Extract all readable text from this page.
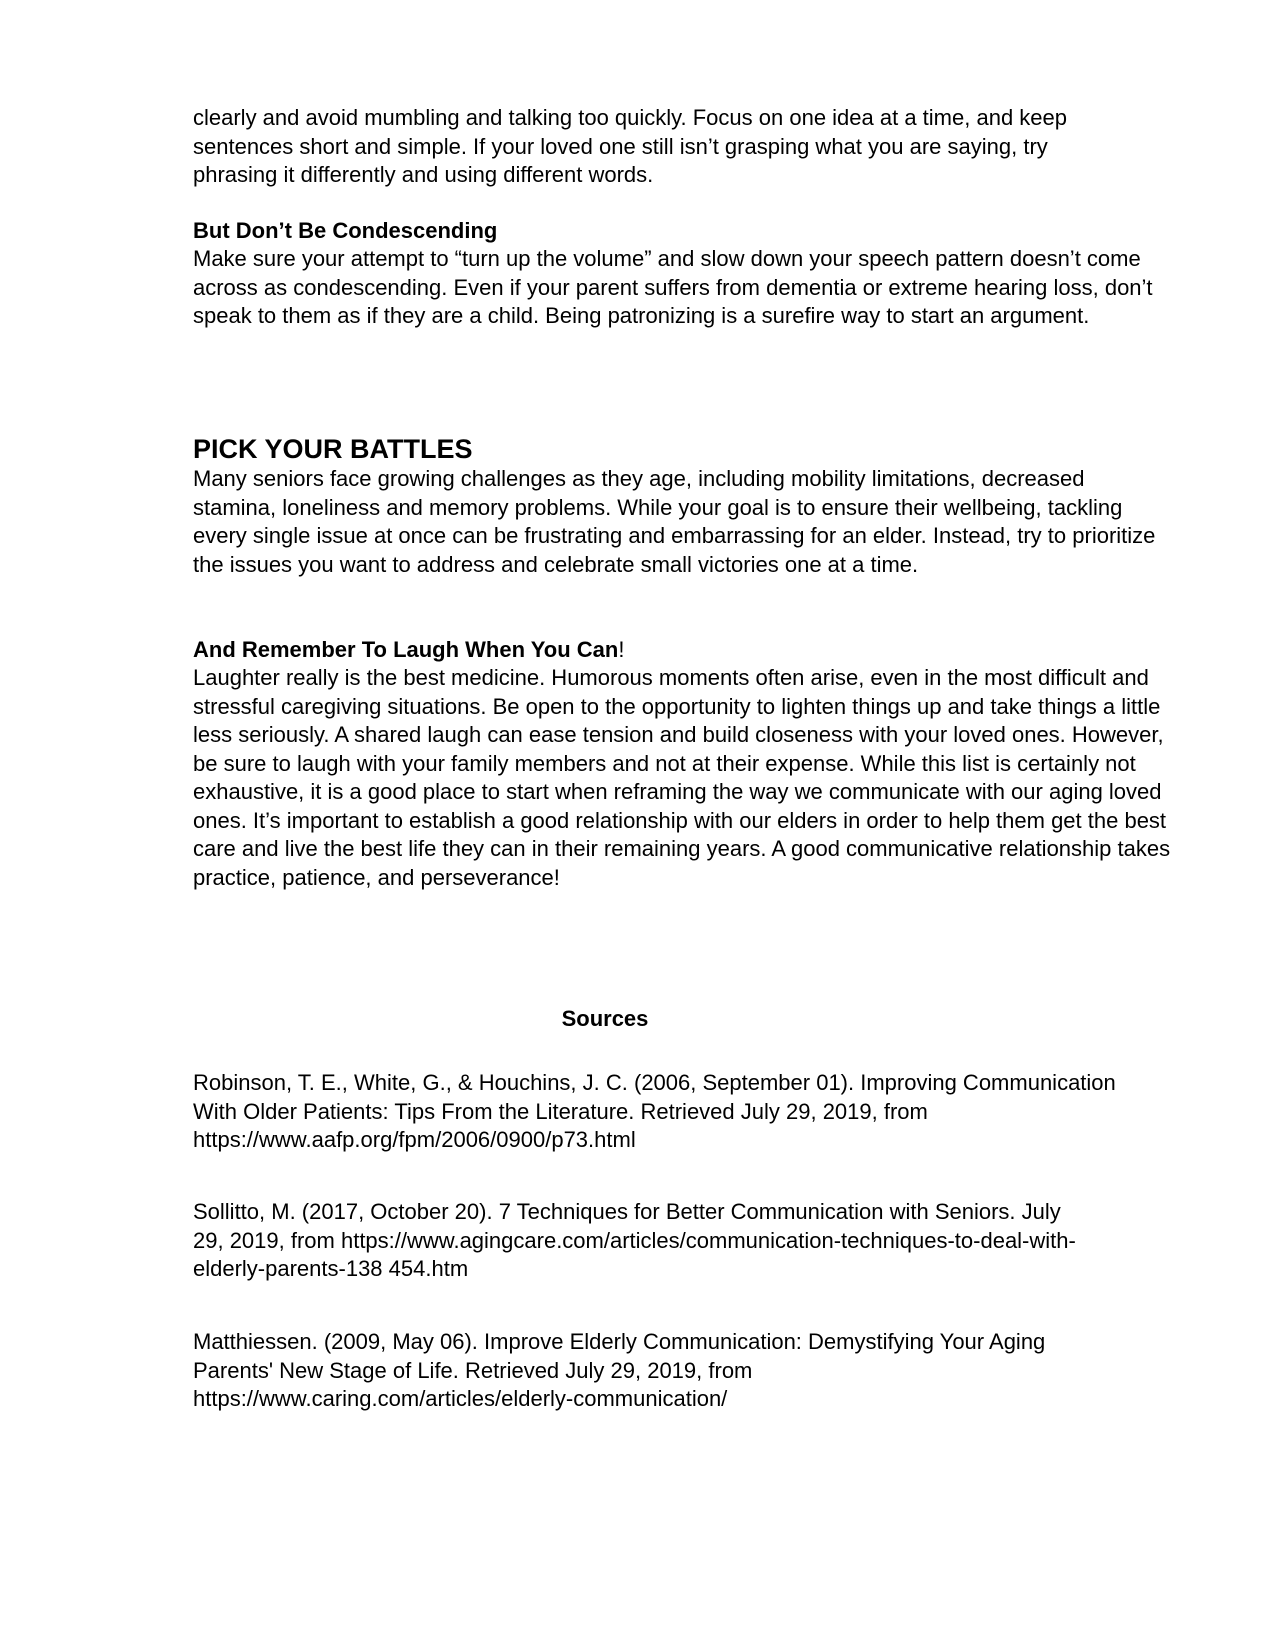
clearly and avoid mumbling and talking too quickly. Focus on one idea at a time, and keep sentences short and simple. If your loved one still isn’t grasping what you are saying, try phrasing it differently and using different words.

But Don’t Be Condescending

Make sure your attempt to “turn up the volume” and slow down your speech pattern doesn’t come across as condescending. Even if your parent suffers from dementia or extreme hearing loss, don’t speak to them as if they are a child. Being patronizing is a surefire way to start an argument.

PICK YOUR BATTLES

Many seniors face growing challenges as they age, including mobility limitations, decreased stamina, loneliness and memory problems. While your goal is to ensure their wellbeing, tackling every single issue at once can be frustrating and embarrassing for an elder. Instead, try to prioritize the issues you want to address and celebrate small victories one at a time.

And Remember To Laugh When You Can!

Laughter really is the best medicine. Humorous moments often arise, even in the most difficult and stressful caregiving situations. Be open to the opportunity to lighten things up and take things a little less seriously. A shared laugh can ease tension and build closeness with your loved ones. However, be sure to laugh with your family members and not at their expense. While this list is certainly not exhaustive, it is a good place to start when reframing the way we communicate with our aging loved ones. It’s important to establish a good relationship with our elders in order to help them get the best care and live the best life they can in their remaining years. A good communicative relationship takes practice, patience, and perseverance!

Sources

Robinson, T. E., White, G., & Houchins, J. C. (2006, September 01). Improving Communication With Older Patients: Tips From the Literature. Retrieved July 29, 2019, from https://www.aafp.org/fpm/2006/0900/p73.html

Sollitto, M. (2017, October 20). 7 Techniques for Better Communication with Seniors. July 29, 2019, from https://www.agingcare.com/articles/communication-techniques-to-deal-with-elderly-parents-138 454.htm

Matthiessen. (2009, May 06). Improve Elderly Communication: Demystifying Your Aging Parents' New Stage of Life. Retrieved July 29, 2019, from https://www.caring.com/articles/elderly-communication/
